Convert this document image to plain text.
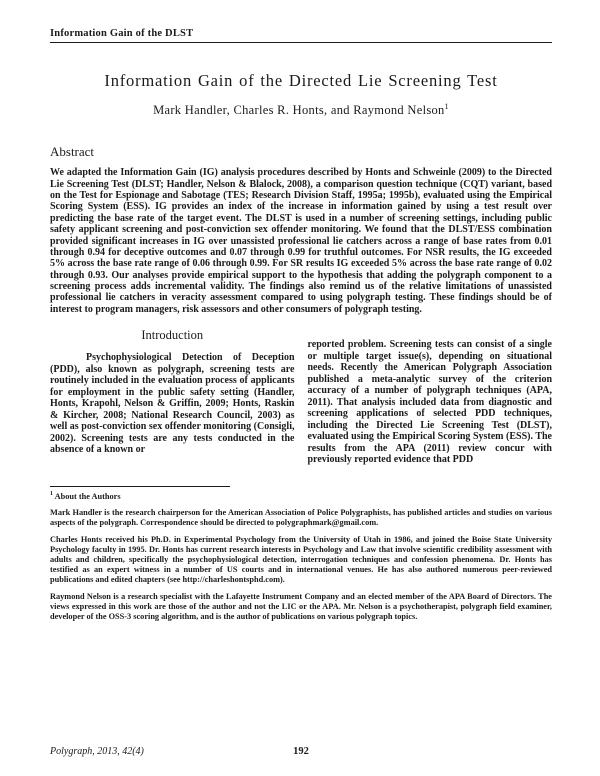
Information Gain of the DLST
Information Gain of the Directed Lie Screening Test
Mark Handler, Charles R. Honts, and Raymond Nelson$^1$
Abstract

We adapted the Information Gain (IG) analysis procedures described by Honts and Schweinle (2009) to the Directed Lie Screening Test (DLST; Handler, Nelson & Blalock, 2008), a comparison question technique (CQT) variant, based on the Test for Espionage and Sabotage (TES; Research Division Staff, 1995a; 1995b), evaluated using the Empirical Scoring System (ESS). IG provides an index of the increase in information gained by using a test result over predicting the base rate of the target event. The DLST is used in a number of screening settings, including public safety applicant screening and post-conviction sex offender monitoring. We found that the DLST/ESS combination provided significant increases in IG over unassisted professional lie catchers across a range of base rates from 0.01 through 0.94 for deceptive outcomes and 0.07 through 0.99 for truthful outcomes. For NSR results, the IG exceeded 5% across the base rate range of 0.06 through 0.99. For SR results IG exceeded 5% across the base rate range of 0.02 through 0.93. Our analyses provide empirical support to the hypothesis that adding the polygraph component to a screening process adds incremental validity. The findings also remind us of the relative limitations of unassisted professional lie catchers in veracity assessment compared to using polygraph testing. These findings should be of interest to program managers, risk assessors and other consumers of polygraph testing.

Introduction

Psychophysiological Detection of Deception (PDD), also known as polygraph, screening tests are routinely included in the evaluation process of applicants for employment in the public safety setting (Handler, Honts, Krapohl, Nelson & Griffin, 2009; Honts, Raskin & Kircher, 2008; National Research Council, 2003) as well as post-conviction sex offender monitoring (Consigli, 2002). Screening tests are any tests conducted in the absence of a known or

reported problem. Screening tests can consist of a single or multiple target issue(s), depending on situational needs. Recently the American Polygraph Association published a meta-analytic survey of the criterion accuracy of a number of polygraph techniques (APA, 2011). That analysis included data from diagnostic and screening applications of selected PDD techniques, including the Directed Lie Screening Test (DLST), evaluated using the Empirical Scoring System (ESS). The results from the APA (2011) review concur with previously reported evidence that PDD

$^1$ About the Authors

Mark Handler is the research chairperson for the American Association of Police Polygraphists, has published articles and studies on various aspects of the polygraph. Correspondence should be directed to polygraphmark@gmail.com.

Charles Honts received his Ph.D. in Experimental Psychology from the University of Utah in 1986, and joined the Boise State University Psychology faculty in 1995. Dr. Honts has current research interests in Psychology and Law that involve scientific credibility assessment with adults and children, specifically the psychophysiological detection, interrogation techniques and confession phenomena. Dr. Honts has testified as an expert witness in a number of US courts and in international venues. He has also authored numerous peer-reviewed publications and edited chapters (see http://charleshontsphd.com).

Raymond Nelson is a research specialist with the Lafayette Instrument Company and an elected member of the APA Board of Directors. The views expressed in this work are those of the author and not the LIC or the APA. Mr. Nelson is a psychotherapist, polygraph field examiner, developer of the OSS-3 scoring algorithm, and is the author of publications on various polygraph topics.

Polygraph, 2013, 42(4)	192
